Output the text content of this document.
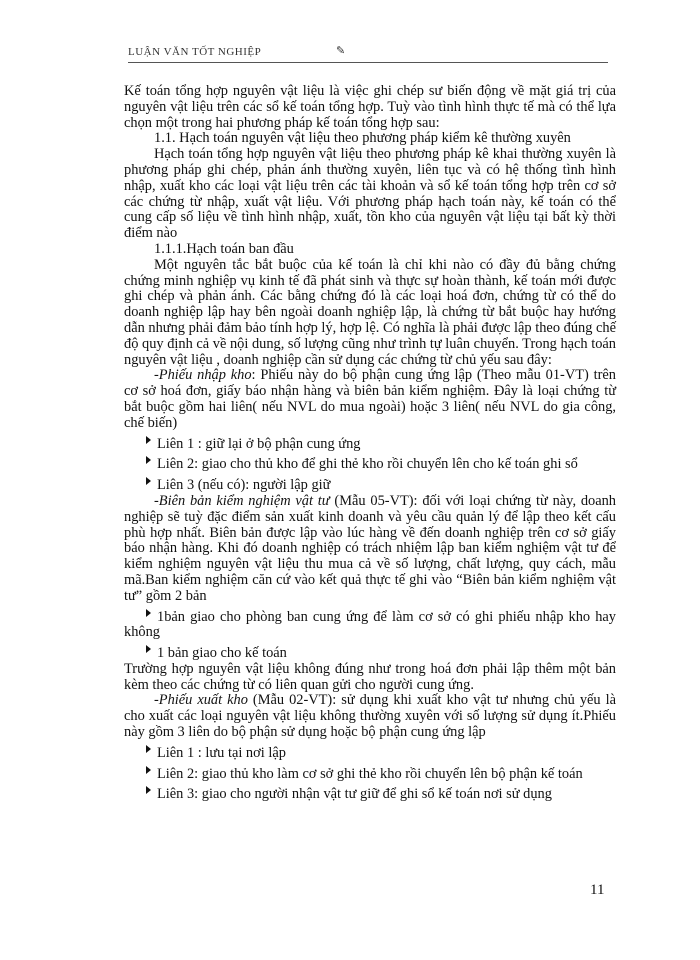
LUẬN VĂN TỐT NGHIỆP	✎

Kế toán tổng hợp nguyên vật liệu là việc ghi chép sư biến động về mặt giá trị của nguyên vật liệu trên các sổ kế toán tổng hợp. Tuỳ vào tình hình thực tế mà có thể lựa chọn một trong hai phương pháp kế toán tổng hợp sau:

1.1. Hạch toán nguyên vật liệu theo phương pháp kiểm kê thường xuyên

Hạch toán tổng hợp nguyên vật liệu theo phương pháp kê khai thường xuyên là phương pháp ghi chép, phản ánh thường xuyên, liên tục và có hệ thống tình hình nhập, xuất kho các loại vật liệu trên các tài khoản và sổ kế toán tổng hợp trên cơ sở các chứng từ nhập, xuất vật liệu. Với phương pháp hạch toán này, kế toán có thể cung cấp số liệu về tình hình nhập, xuất, tồn kho của nguyên vật liệu tại bất kỳ thời điểm nào

1.1.1.Hạch toán ban đầu

Một nguyên tắc bắt buộc của kế toán là chỉ khi nào có đầy đủ bằng chứng chứng minh nghiệp vụ kinh tế đã phát sinh và thực sự hoàn thành, kế toán mới được ghi chép và phản ánh. Các bằng chứng đó là các loại hoá đơn, chứng từ có thể do doanh nghiệp lập hay bên ngoài doanh nghiệp lập, là chứng từ bắt buộc hay hướng dẫn nhưng phải đảm bảo tính hợp lý, hợp lệ. Có nghĩa là phải được lập theo đúng chế độ quy định cả về nội dung, số lượng cũng như trình tự luân chuyển. Trong hạch toán nguyên vật liệu , doanh nghiệp cần sử dụng các chứng từ chủ yếu sau đây:

-Phiếu nhập kho: Phiếu này do bộ phận cung ứng lập (Theo mẫu 01-VT) trên cơ sở hoá đơn, giấy báo nhận hàng và biên bản kiểm nghiệm. Đây là loại chứng từ bắt buộc gồm hai liên( nếu NVL do mua ngoài) hoặc 3 liên( nếu NVL do gia công, chế biến)

Liên 1 : giữ lại ở bộ phận cung ứng

Liên 2: giao cho thủ kho để ghi thẻ kho rồi chuyển lên cho kế toán ghi sổ

Liên 3 (nếu có): người lập giữ

-Biên bản kiểm nghiệm vật tư (Mẫu 05-VT): đối với loại chứng từ này, doanh nghiệp sẽ tuỳ đặc điểm sản xuất kinh doanh và yêu cầu quản lý để lập theo kết cấu phù hợp nhất. Biên bản được lập vào lúc hàng về đến doanh nghiệp trên cơ sở giấy báo nhận hàng. Khi đó doanh nghiệp có trách nhiệm lập ban kiểm nghiệm vật tư để kiểm nghiệm nguyên vật liệu thu mua cả về số lượng, chất lượng, quy cách, mẫu mã.Ban kiểm nghiệm căn cứ vào kết quả thực tế ghi vào “Biên bản kiểm nghiệm vật tư” gồm 2 bản

1bản giao cho phòng ban cung ứng để làm cơ sở có ghi phiếu nhập kho hay không

1 bản giao cho kế toán

Trường hợp nguyên vật liệu không đúng như trong hoá đơn phải lập thêm một bản kèm theo các chứng từ có liên quan gửi cho người cung ứng.

-Phiếu xuất kho (Mẫu 02-VT): sử dụng khi xuất kho vật tư nhưng chủ yếu là cho xuất các loại nguyên vật liệu không thường xuyên với số lượng sử dụng ít.Phiếu này gồm 3 liên do bộ phận sử dụng hoặc bộ phận cung ứng lập

Liên 1 : lưu tại nơi lập

Liên 2: giao thủ kho làm cơ sở ghi thẻ kho rồi chuyển lên bộ phận kế toán

Liên 3: giao cho người nhận vật tư giữ để ghi sổ kế toán nơi sử dụng

11
